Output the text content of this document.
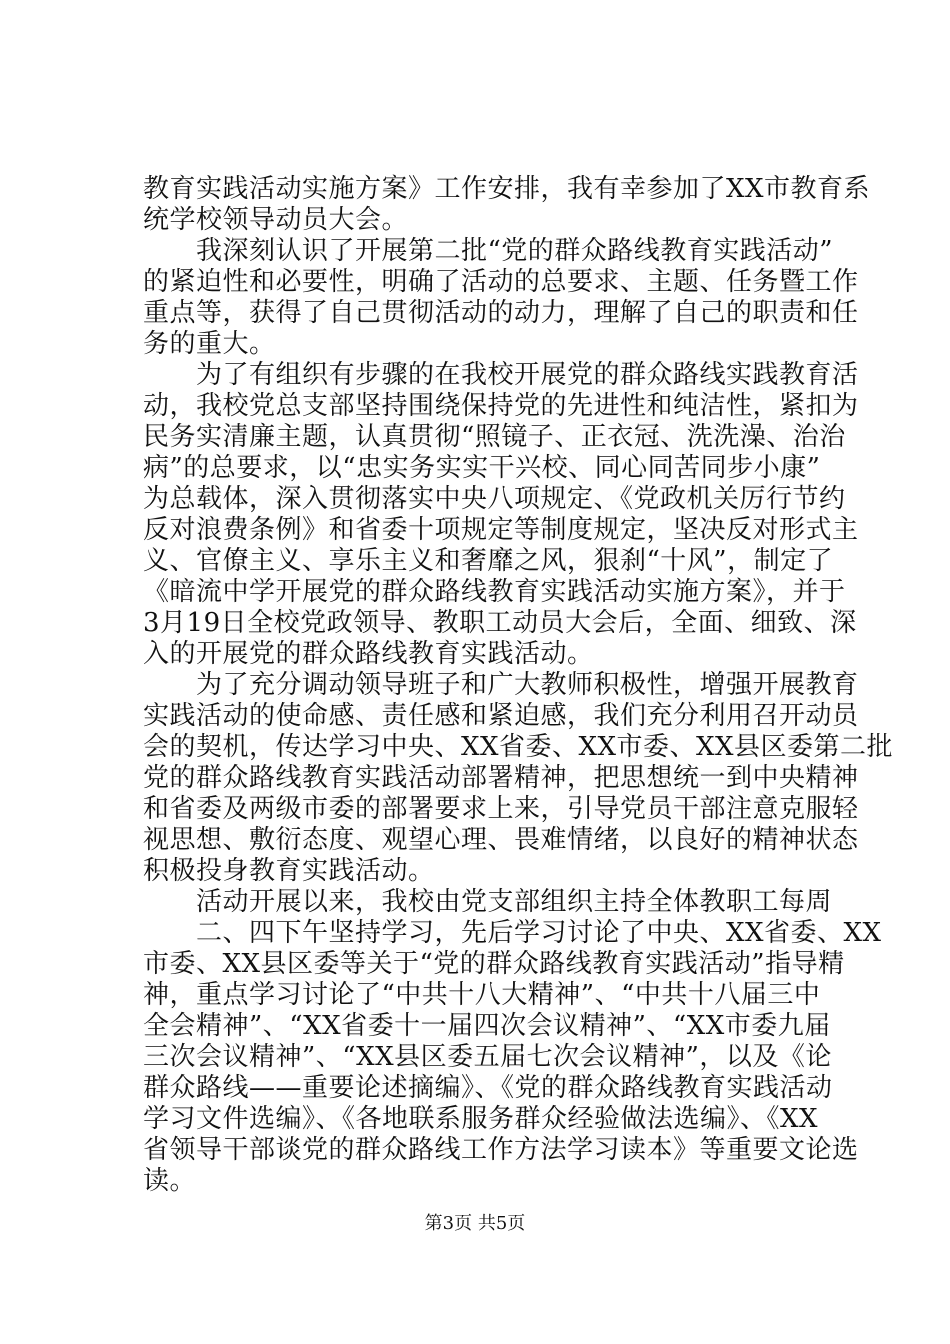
教育实践活动实施方案》工作安排，我有幸参加了XX市教育系
统学校领导动员大会。
　　我深刻认识了开展第二批“党的群众路线教育实践活动”
的紧迫性和必要性，明确了活动的总要求、主题、任务暨工作
重点等，获得了自己贯彻活动的动力，理解了自己的职责和任
务的重大。
　　为了有组织有步骤的在我校开展党的群众路线实践教育活
动，我校党总支部坚持围绕保持党的先进性和纯洁性，紧扣为
民务实清廉主题，认真贯彻“照镜子、正衣冠、洗洗澡、治治
病”的总要求，以“忠实务实实干兴校、同心同苦同步小康”
为总载体，深入贯彻落实中央八项规定、《党政机关厉行节约
反对浪费条例》和省委十项规定等制度规定，坚决反对形式主
义、官僚主义、享乐主义和奢靡之风，狠刹“十风”，制定了
《暗流中学开展党的群众路线教育实践活动实施方案》，并于
3月19日全校党政领导、教职工动员大会后，全面、细致、深
入的开展党的群众路线教育实践活动。
　　为了充分调动领导班子和广大教师积极性，增强开展教育
实践活动的使命感、责任感和紧迫感，我们充分利用召开动员
会的契机，传达学习中央、XX省委、XX市委、XX县区委第二批
党的群众路线教育实践活动部署精神，把思想统一到中央精神
和省委及两级市委的部署要求上来，引导党员干部注意克服轻
视思想、敷衍态度、观望心理、畏难情绪，以良好的精神状态
积极投身教育实践活动。
　　活动开展以来，我校由党支部组织主持全体教职工每周
　　二、四下午坚持学习，先后学习讨论了中央、XX省委、XX
市委、XX县区委等关于“党的群众路线教育实践活动”指导精
神，重点学习讨论了“中共十八大精神”、“中共十八届三中
全会精神”、“XX省委十一届四次会议精神”、“XX市委九届
三次会议精神”、“XX县区委五届七次会议精神”，以及《论
群众路线——重要论述摘编》、《党的群众路线教育实践活动
学习文件选编》、《各地联系服务群众经验做法选编》、《XX
省领导干部谈党的群众路线工作方法学习读本》等重要文论选
读。
第3页 共5页
